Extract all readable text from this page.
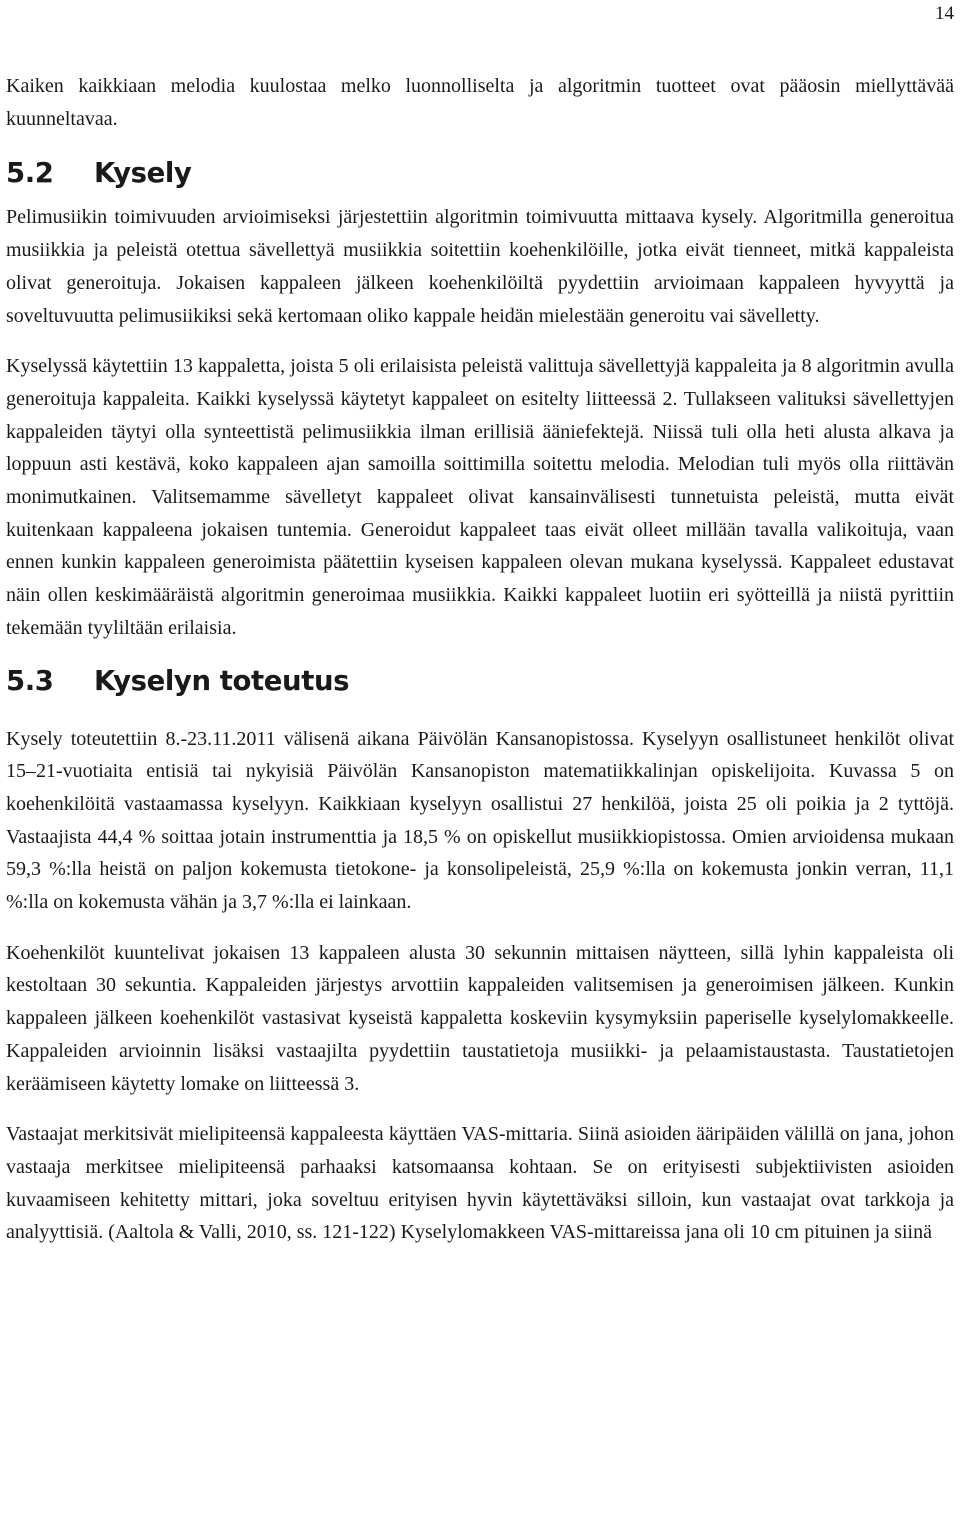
14

Kaiken kaikkiaan melodia kuulostaa melko luonnolliselta ja algoritmin tuotteet ovat pääosin miellyttävää kuunneltavaa.

5.2	Kysely

Pelimusiikin toimivuuden arvioimiseksi järjestettiin algoritmin toimivuutta mittaava kysely. Algoritmilla generoitua musiikkia ja peleistä otettua sävellettyä musiikkia soitettiin koehenkilöille, jotka eivät tienneet, mitkä kappaleista olivat generoituja. Jokaisen kappaleen jälkeen koehenkilöiltä pyydettiin arvioimaan kappaleen hyvyyttä ja soveltuvuutta pelimusiikiksi sekä kertomaan oliko kappale heidän mielestään generoitu vai sävelletty.

Kyselyssä käytettiin 13 kappaletta, joista 5 oli erilaisista peleistä valittuja sävellettyjä kappaleita ja 8 algoritmin avulla generoituja kappaleita. Kaikki kyselyssä käytetyt kappaleet on esitelty liitteessä 2. Tullakseen valituksi sävellettyjen kappaleiden täytyi olla synteettistä pelimusiikkia ilman erillisiä ääniefektejä. Niissä tuli olla heti alusta alkava ja loppuun asti kestävä, koko kappaleen ajan samoilla soittimilla soitettu melodia. Melodian tuli myös olla riittävän monimutkainen. Valitsemamme sävelletyt kappaleet olivat kansainvälisesti tunnetuista peleistä, mutta eivät kuitenkaan kappaleena jokaisen tuntemia. Generoidut kappaleet taas eivät olleet millään tavalla valikoituja, vaan ennen kunkin kappaleen generoimista päätettiin kyseisen kappaleen olevan mukana kyselyssä. Kappaleet edustavat näin ollen keskimääräistä algoritmin generoimaa musiikkia. Kaikki kappaleet luotiin eri syötteillä ja niistä pyrittiin tekemään tyyliltään erilaisia.

5.3	Kyselyn toteutus

Kysely toteutettiin 8.-23.11.2011 välisenä aikana Päivölän Kansanopistossa. Kyselyyn osallistuneet henkilöt olivat 15–21-vuotiaita entisiä tai nykyisiä Päivölän Kansanopiston matematiikkalinjan opiskelijoita. Kuvassa 5 on koehenkilöitä vastaamassa kyselyyn. Kaikkiaan kyselyyn osallistui 27 henkilöä, joista 25 oli poikia ja 2 tyttöjä. Vastaajista 44,4 % soittaa jotain instrumenttia ja 18,5 % on opiskellut musiikkiopistossa. Omien arvioidensa mukaan 59,3 %:lla heistä on paljon kokemusta tietokone- ja konsolipeleistä, 25,9 %:lla on kokemusta jonkin verran, 11,1 %:lla on kokemusta vähän ja 3,7 %:lla ei lainkaan.

Koehenkilöt kuuntelivat jokaisen 13 kappaleen alusta 30 sekunnin mittaisen näytteen, sillä lyhin kappaleista oli kestoltaan 30 sekuntia. Kappaleiden järjestys arvottiin kappaleiden valitsemisen ja generoimisen jälkeen. Kunkin kappaleen jälkeen koehenkilöt vastasivat kyseistä kappaletta koskeviin kysymyksiin paperiselle kyselylomakkeelle. Kappaleiden arvioinnin lisäksi vastaajilta pyydettiin taustatietoja musiikki- ja pelaamistaustasta. Taustatietojen keräämiseen käytetty lomake on liitteessä 3.

Vastaajat merkitsivät mielipiteensä kappaleesta käyttäen VAS-mittaria. Siinä asioiden ääripäiden välillä on jana, johon vastaaja merkitsee mielipiteensä parhaaksi katsomaansa kohtaan. Se on erityisesti subjektiivisten asioiden kuvaamiseen kehitetty mittari, joka soveltuu erityisen hyvin käytettäväksi silloin, kun vastaajat ovat tarkkoja ja analyyttisiä. (Aaltola & Valli, 2010, ss. 121-122) Kyselylomakkeen VAS-mittareissa jana oli 10 cm pituinen ja siinä
